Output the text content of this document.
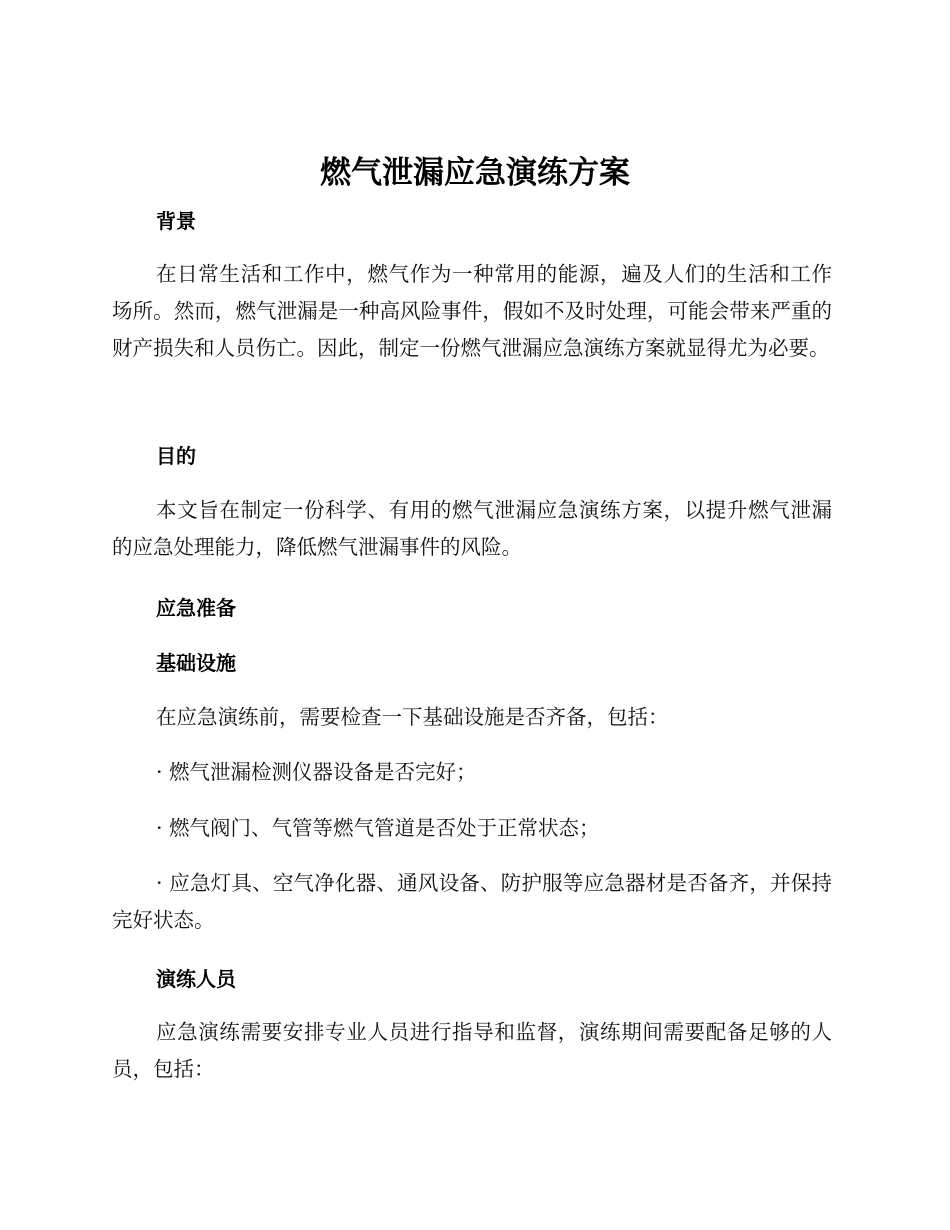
燃气泄漏应急演练方案
背景

在日常生活和工作中，燃气作为一种常用的能源，遍及人们的生活和工作场所。然而，燃气泄漏是一种高风险事件，假如不及时处理，可能会带来严重的财产损失和人员伤亡。因此，制定一份燃气泄漏应急演练方案就显得尤为必要。

目的

本文旨在制定一份科学、有用的燃气泄漏应急演练方案，以提升燃气泄漏的应急处理能力，降低燃气泄漏事件的风险。

应急准备
基础设施

在应急演练前，需要检查一下基础设施是否齐备，包括：

· 燃气泄漏检测仪器设备是否完好；

· 燃气阀门、气管等燃气管道是否处于正常状态；

· 应急灯具、空气净化器、通风设备、防护服等应急器材是否备齐，并保持完好状态。

演练人员

应急演练需要安排专业人员进行指导和监督，演练期间需要配备足够的人员，包括：
